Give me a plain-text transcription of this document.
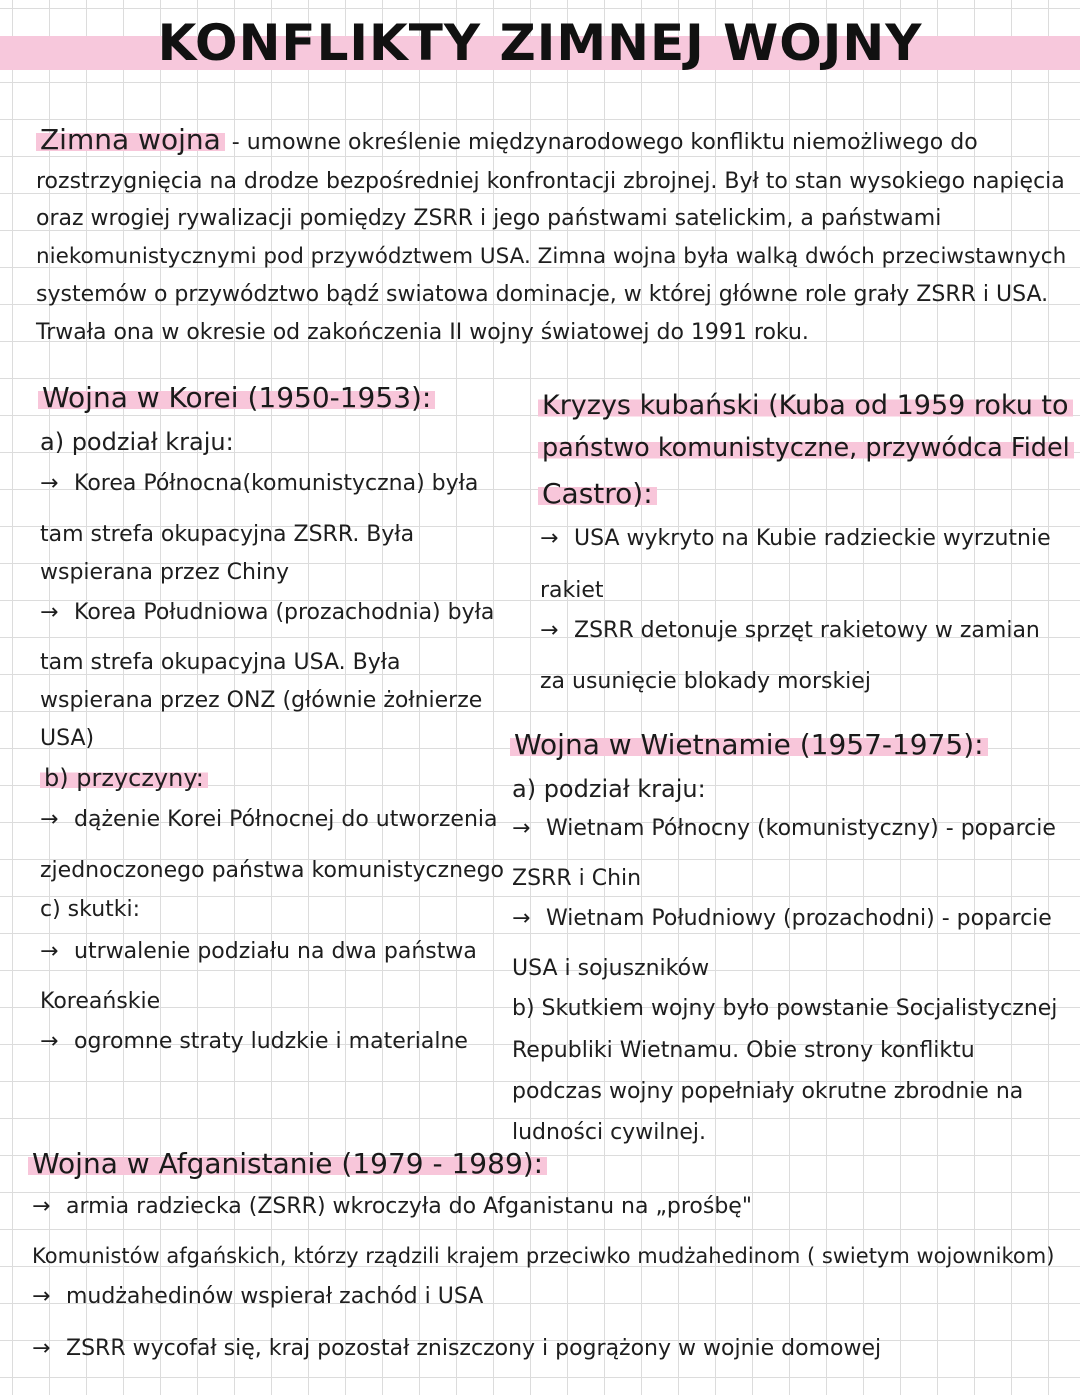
KONFLIKTY ZIMNEJ WOJNY
Zimna wojna - umowne określenie międzynarodowego konfliktu niemożliwego do
rozstrzygnięcia na drodze bezpośredniej konfrontacji zbrojnej. Był to stan wysokiego napięcia
oraz wrogiej rywalizacji pomiędzy ZSRR i jego państwami satelickim, a państwami
niekomunistycznymi pod przywództwem USA. Zimna wojna była walką dwóch przeciwstawnych
systemów o przywództwo bądź swiatowa dominacje, w której główne role grały ZSRR i USA.
Trwała ona w okresie od zakończenia II wojny światowej do 1991 roku.
Wojna w Korei (1950-1953):
a) podział kraju:
→ Korea Północna(komunistyczna) była
tam strefa okupacyjna ZSRR. Była
wspierana przez Chiny
→ Korea Południowa (prozachodnia) była
tam strefa okupacyjna USA. Była
wspierana przez ONZ (głównie żołnierze
USA)
b) przyczyny:
→ dążenie Korei Północnej do utworzenia
zjednoczonego państwa komunistycznego
c) skutki:
→ utrwalenie podziału na dwa państwa
Koreańskie
→ ogromne straty ludzkie i materialne
Kryzys kubański (Kuba od 1959 roku to
państwo komunistyczne, przywódca Fidel
Castro):
→ USA wykryto na Kubie radzieckie wyrzutnie
rakiet
→ ZSRR detonuje sprzęt rakietowy w zamian
za usunięcie blokady morskiej
Wojna w Wietnamie (1957-1975):
a) podział kraju:
→ Wietnam Północny (komunistyczny) - poparcie
ZSRR i Chin
→ Wietnam Południowy (prozachodni) - poparcie
USA i sojuszników
b) Skutkiem wojny było powstanie Socjalistycznej
Republiki Wietnamu. Obie strony konfliktu
podczas wojny popełniały okrutne zbrodnie na
ludności cywilnej.
Wojna w Afganistanie (1979 - 1989):
→ armia radziecka (ZSRR) wkroczyła do Afganistanu na „prośbę"
Komunistów afgańskich, którzy rządzili krajem przeciwko mudżahedinom ( swietym wojownikom)
→ mudżahedinów wspierał zachód i USA
→ ZSRR wycofał się, kraj pozostał zniszczony i pogrążony w wojnie domowej
